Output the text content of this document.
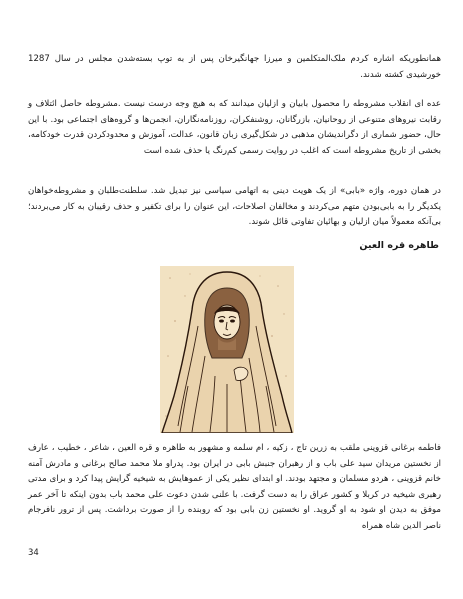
همانطوریکه اشاره کردم ملک‌المتکلمین و میرزا جهانگیرخان پس از به توپ بسته‌شدن مجلس در سال 1287 خورشیدی کشته شدند.

عده ای انقلاب مشروطه را محصول بابیان و ازلیان میدانند که به هیچ وجه درست نیست .مشروطه حاصل ائتلاف و رقابت نیروهای متنوعی از روحانیان، بازرگانان، روشنفکران، روزنامه‌نگاران، انجمن‌ها و گروه‌های اجتماعی بود. با این حال، حضور شماری از دگراندیشان مذهبی در شکل‌گیری زبان قانون، عدالت، آموزش و محدودکردن قدرت خودکامه، بخشی از تاریخ مشروطه است که اغلب در روایت رسمی کم‌رنگ یا حذف شده است

در همان دوره، واژه «بابی» از یک هویت دینی به اتهامی سیاسی نیز تبدیل شد. سلطنت‌طلبان و مشروطه‌خواهان یکدیگر را به بابی‌بودن متهم می‌کردند و مخالفان اصلاحات، این عنوان را برای تکفیر و حذف رقیبان به کار می‌بردند؛ بی‌آنکه معمولاً میان ازلیان و بهائیان تفاوتی قائل شوند.

طاهره قره العین

فاطمه برغانی قزوینی ملقب به زرین تاج ، زکیه ، ام سلمه و مشهور به طاهره و قره العین ، شاعر ، خطیب ، عارف از نخستین مریدان سید علی باب و از رهبران جنبش بابی در ایران بود. پدراو ملا محمد صالح برغانی و مادرش آمنه خانم قزوینی ، هردو مسلمان و مجتهد بودند. او ابتدای نظیر یکی از عموهایش به شیخیه گرایش پیدا کرد و برای مدتی رهبری شیخیه در کربلا و کشور عراق را به دست گرفت. با علنی شدن دعوت علی محمد باب بدون اینکه تا آخر عمر موفق به دیدن او شود به او گروید. او نخستین زن بابی بود که روبنده را از صورت برداشت. پس از ترور نافرجام ناصر الدین شاه همراه

34
